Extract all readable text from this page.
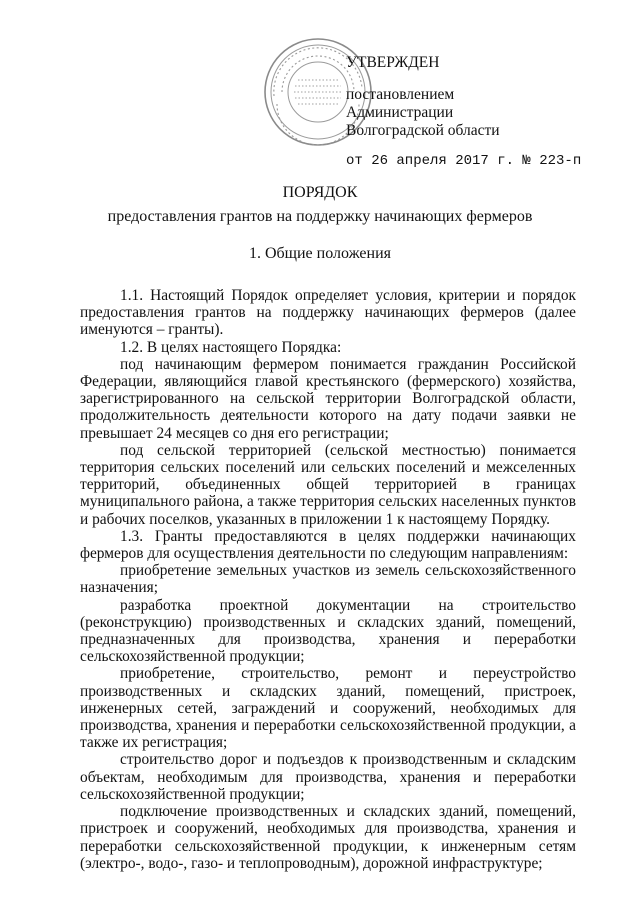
УТВЕРЖДЕН
постановлением
Администрации
Волгоградской области
от 26 апреля 2017 г. № 223-п
ПОРЯДОК
предоставления грантов на поддержку начинающих фермеров
1. Общие положения

1.1. Настоящий Порядок определяет условия, критерии и порядок предоставления грантов на поддержку начинающих фермеров (далее именуются – гранты).

1.2. В целях настоящего Порядка:

под начинающим фермером понимается гражданин Российской Федерации, являющийся главой крестьянского (фермерского) хозяйства, зарегистрированного на сельской территории Волгоградской области, продолжительность деятельности которого на дату подачи заявки не превышает 24 месяцев со дня его регистрации;

под сельской территорией (сельской местностью) понимается территория сельских поселений или сельских поселений и межселенных территорий, объединенных общей территорией в границах муниципального района, а также территория сельских населенных пунктов и рабочих поселков, указанных в приложении 1 к настоящему Порядку.

1.3. Гранты предоставляются в целях поддержки начинающих фермеров для осуществления деятельности по следующим направлениям:

приобретение земельных участков из земель сельскохозяйственного назначения;

разработка проектной документации на строительство (реконструкцию) производственных и складских зданий, помещений, предназначенных для производства, хранения и переработки сельскохозяйственной продукции;

приобретение, строительство, ремонт и переустройство производственных и складских зданий, помещений, пристроек, инженерных сетей, заграждений и сооружений, необходимых для производства, хранения и переработки сельскохозяйственной продукции, а также их регистрация;

строительство дорог и подъездов к производственным и складским объектам, необходимым для производства, хранения и переработки сельскохозяйственной продукции;

подключение производственных и складских зданий, помещений, пристроек и сооружений, необходимых для производства, хранения и переработки сельскохозяйственной продукции, к инженерным сетям (электро-, водо-, газо- и теплопроводным), дорожной инфраструктуре;
